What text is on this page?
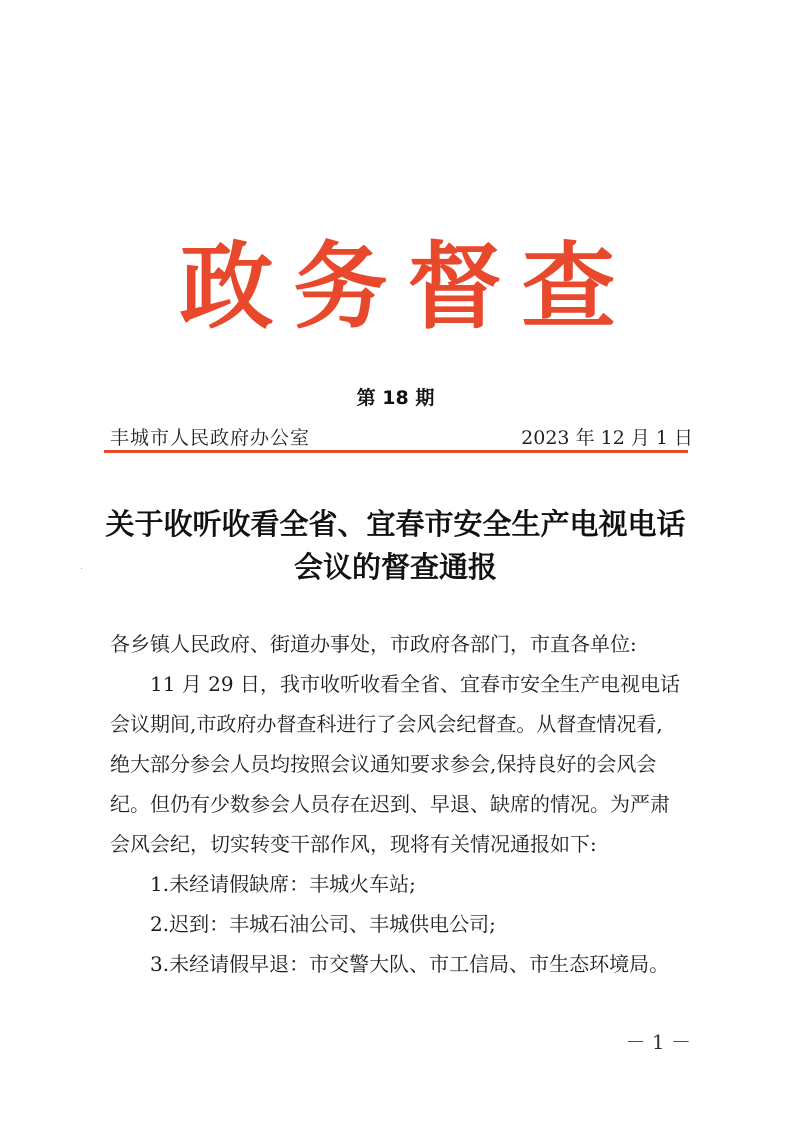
政务督查
第 18 期
丰城市人民政府办公室	2023 年 12 月 1 日
·
关于收听收看全省、宜春市安全生产电视电话
会议的督查通报

各乡镇人民政府、街道办事处，市政府各部门，市直各单位:

11 月 29 日，我市收听收看全省、宜春市安全生产电视电话

会议期间,市政府办督查科进行了会风会纪督查。从督查情况看,

绝大部分参会人员均按照会议通知要求参会,保持良好的会风会

纪。但仍有少数参会人员存在迟到、早退、缺席的情况。为严肃

会风会纪，切实转变干部作风，现将有关情况通报如下:

1.未经请假缺席：丰城火车站;

2.迟到：丰城石油公司、丰城供电公司;

3.未经请假早退：市交警大队、市工信局、市生态环境局。

－ 1 －
